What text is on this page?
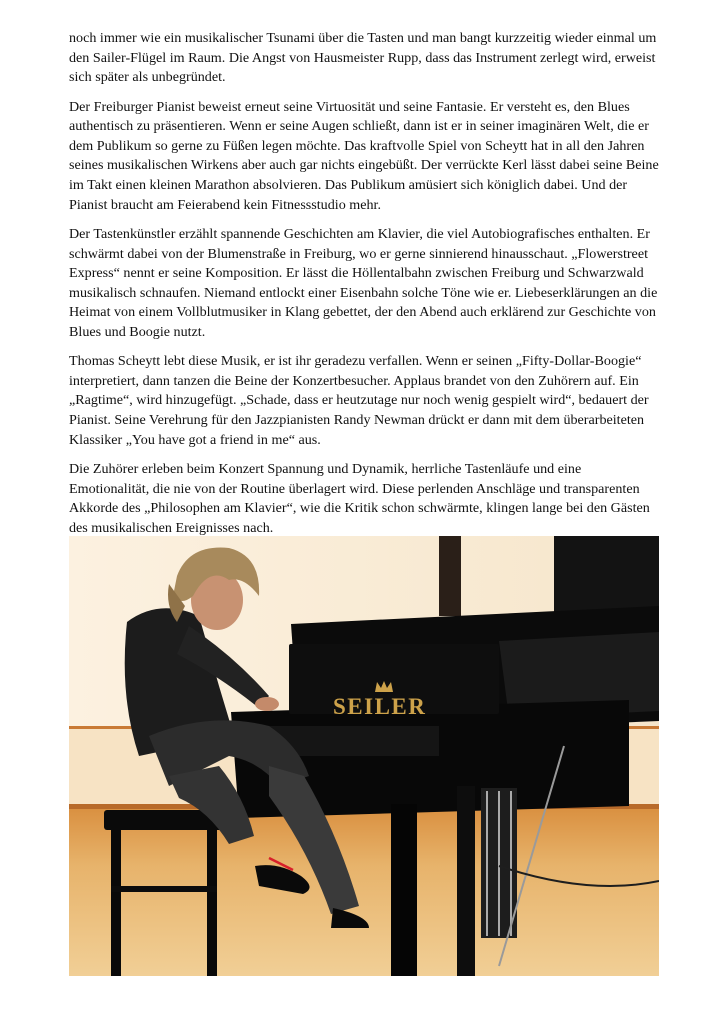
noch immer wie ein musikalischer Tsunami über die Tasten und man bangt kurzzeitig wieder einmal um den Sailer-Flügel im Raum. Die Angst von Hausmeister Rupp, dass das Instrument zerlegt wird, erweist sich später als unbegründet.

Der Freiburger Pianist beweist erneut seine Virtuosität und seine Fantasie. Er versteht es, den Blues authentisch zu präsentieren. Wenn er seine Augen schließt, dann ist er in seiner imaginären Welt, die er dem Publikum so gerne zu Füßen legen möchte. Das kraftvolle Spiel von Scheytt hat in all den Jahren seines musikalischen Wirkens aber auch gar nichts eingebüßt. Der verrückte Kerl lässt dabei seine Beine im Takt einen kleinen Marathon absolvieren. Das Publikum amüsiert sich königlich dabei. Und der Pianist braucht am Feierabend kein Fitnessstudio mehr.

Der Tastenkünstler erzählt spannende Geschichten am Klavier, die viel Autobiografisches enthalten. Er schwärmt dabei von der Blumenstraße in Freiburg, wo er gerne sinnierend hinausschaut. „Flowerstreet Express“ nennt er seine Komposition. Er lässt die Höllentalbahn zwischen Freiburg und Schwarzwald musikalisch schnaufen. Niemand entlockt einer Eisenbahn solche Töne wie er. Liebeserklärungen an die Heimat von einem Vollblutmusiker in Klang gebettet, der den Abend auch erklärend zur Geschichte von Blues und Boogie nutzt.

Thomas Scheytt lebt diese Musik, er ist ihr geradezu verfallen. Wenn er seinen „Fifty-Dollar-Boogie“ interpretiert, dann tanzen die Beine der Konzertbesucher. Applaus brandet von den Zuhörern auf. Ein „Ragtime“, wird hinzugefügt. „Schade, dass er heutzutage nur noch wenig gespielt wird“, bedauert der Pianist. Seine Verehrung für den Jazzpianisten Randy Newman drückt er dann mit dem überarbeiteten Klassiker „You have got a friend in me“ aus.

Die Zuhörer erleben beim Konzert Spannung und Dynamik, herrliche Tastenläufe und eine Emotionalität, die nie von der Routine überlagert wird. Diese perlenden Anschläge und transparenten Akkorde des „Philosophen am Klavier“, wie die Kritik schon schwärmte, klingen lange bei den Gästen des musikalischen Ereignisses nach.

SEILER
